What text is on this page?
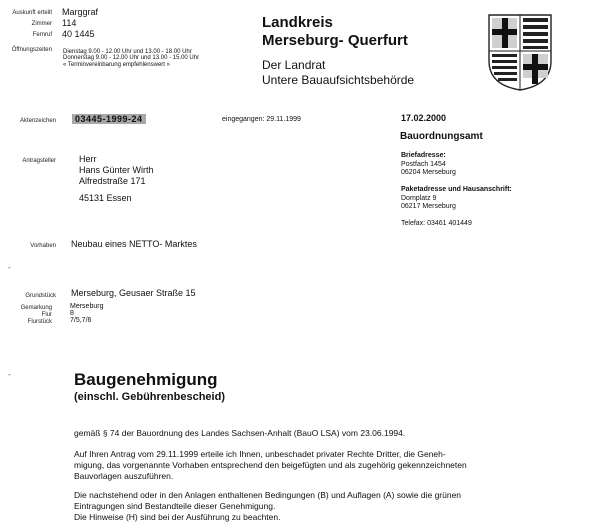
Auskunft erteilt Marggraf
Zimmer 114
Fernruf 40 1445
Öffnungszeiten Dienstag 9.00 - 12.00 Uhr und 13.00 - 18.00 Uhr
Donnerstag 9.00 - 12.00 Uhr und 13.00 - 15.00 Uhr
« Terminvereinbarung empfehlenswert »
Landkreis
Merseburg- Querfurt
Der Landrat
Untere Bauaufsichtsbehörde
Aktenzeichen	03445-1999-24	eingegangen: 29.11.1999	17.02.2000
Bauordnungsamt
Briefadresse:
Postfach 1454
06204 Merseburg
Paketadresse und Hausanschrift:
Domplatz 9
06217 Merseburg
Telefax: 03461 401449
Antragsteller	Herr
Hans Günter Wirth
Alfredstraße 171
45131 Essen
Vorhaben Neubau eines NETTO- Marktes
-
Grundstück Merseburg, Geusaer Straße 15
Gemarkung	Merseburg
Flur	8
Flurstück	7/5,7/6
-	Baugenehmigung
(einschl. Gebührenbescheid)
gemäß § 74 der Bauordnung des Landes Sachsen-Anhalt (BauO LSA) vom 23.06.1994.
Auf Ihren Antrag vom 29.11.1999 erteile ich Ihnen, unbeschadet privater Rechte Dritter, die Geneh-
migung, das vorgenannte Vorhaben entsprechend den beigefügten und als zugehörig gekennzeichneten
Bauvorlagen auszuführen.
Die nachstehend oder in den Anlagen enthaltenen Bedingungen (B) und Auflagen (A) sowie die grünen
Eintragungen sind Bestandteile dieser Genehmigung.
Die Hinweise (H) sind bei der Ausführung zu beachten.
